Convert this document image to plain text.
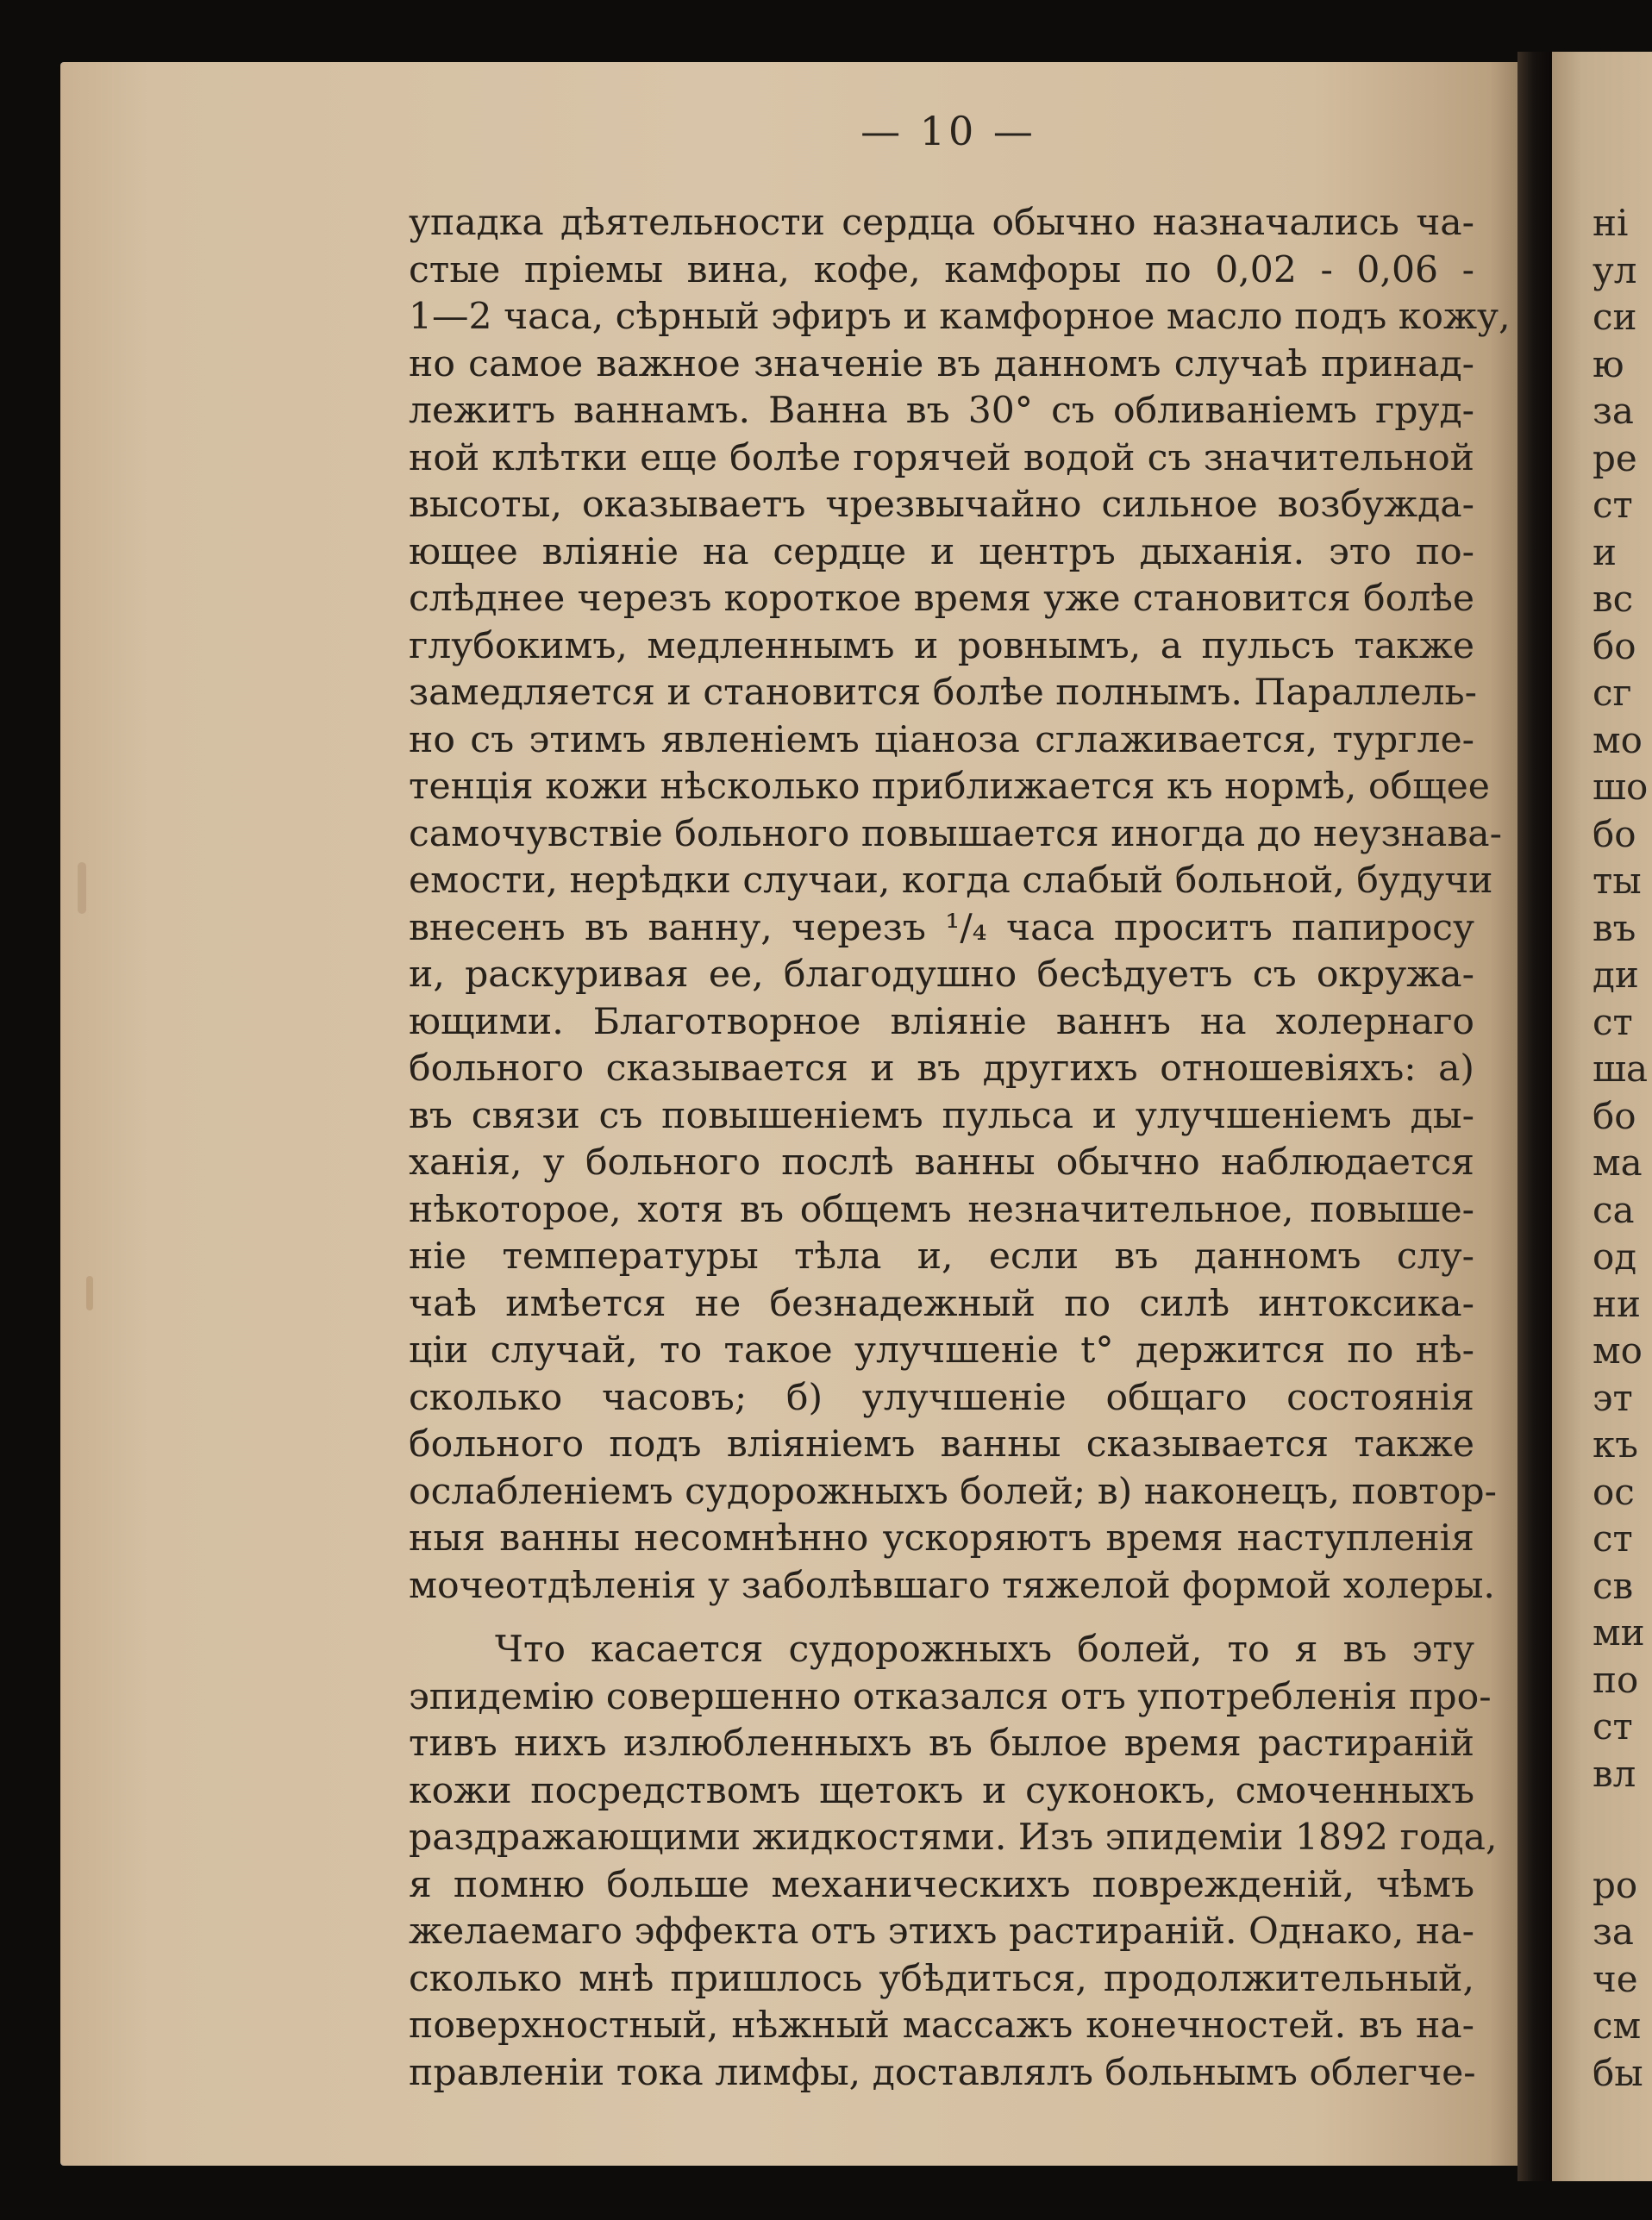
— 10 —
упадка дѣятельности сердца обычно назначались ча-
стые пріемы вина, кофе, камфоры по 0,02 - 0,06 -
1—2 часа, сѣрный эфиръ и камфорное масло подъ кожу,
но самое важное значеніе въ данномъ случаѣ принад-
лежитъ ваннамъ. Ванна въ 30° съ обливаніемъ груд-
ной клѣтки еще болѣе горячей водой съ значительной
высоты, оказываетъ чрезвычайно сильное возбужда-
ющее вліяніе на сердце и центръ дыханія. это по-
слѣднее черезъ короткое время уже становится болѣе
глубокимъ, медленнымъ и ровнымъ, а пульсъ также
замедляется и становится болѣе полнымъ. Параллель-
но съ этимъ явленіемъ ціаноза сглаживается, тургле-
тенція кожи нѣсколько приближается къ нормѣ, общее
самочувствіе больного повышается иногда до неузнава-
емости, нерѣдки случаи, когда слабый больной, будучи
внесенъ въ ванну, черезъ ¹/₄ часа проситъ папиросу
и, раскуривая ее, благодушно бесѣдуетъ съ окружа-
ющими. Благотворное вліяніе ваннъ на холернаго
больного сказывается и въ другихъ отношевіяхъ: а)
въ связи съ повышеніемъ пульса и улучшеніемъ ды-
ханія, у больного послѣ ванны обычно наблюдается
нѣкоторое, хотя въ общемъ незначительное, повыше-
ніе температуры тѣла и, если въ данномъ слу-
чаѣ имѣется не безнадежный по силѣ интоксика-
ціи случай, то такое улучшеніе t° держится по нѣ-
сколько часовъ; б) улучшеніе общаго состоянія
больного подъ вліяніемъ ванны сказывается также
ослабленіемъ судорожныхъ болей; в) наконецъ, повтор-
ныя ванны несомнѣнно ускоряютъ время наступленія
мочеотдѣленія у заболѣвшаго тяжелой формой холеры.
Что касается судорожныхъ болей, то я въ эту
эпидемію совершенно отказался отъ употребленія про-
тивъ нихъ излюбленныхъ въ былое время растираній
кожи посредствомъ щетокъ и суконокъ, смоченныхъ
раздражающими жидкостями. Изъ эпидеміи 1892 года,
я помню больше механическихъ поврежденій, чѣмъ
желаемаго эффекта отъ этихъ растираній. Однако, на-
сколько мнѣ пришлось убѣдиться, продолжительный,
поверхностный, нѣжный массажъ конечностей. въ на-
правленіи тока лимфы, доставлялъ больнымъ облегче-
ні
ул
си
ю
за
ре
ст
и
вс
бо
сг
мо
шо
бо
ты
въ
ди
ст
ша
бо
ма
са
од
ни
мо
эт
къ
ос
ст
св
ми
по
ст
вл
ро
за
че
см
бы
